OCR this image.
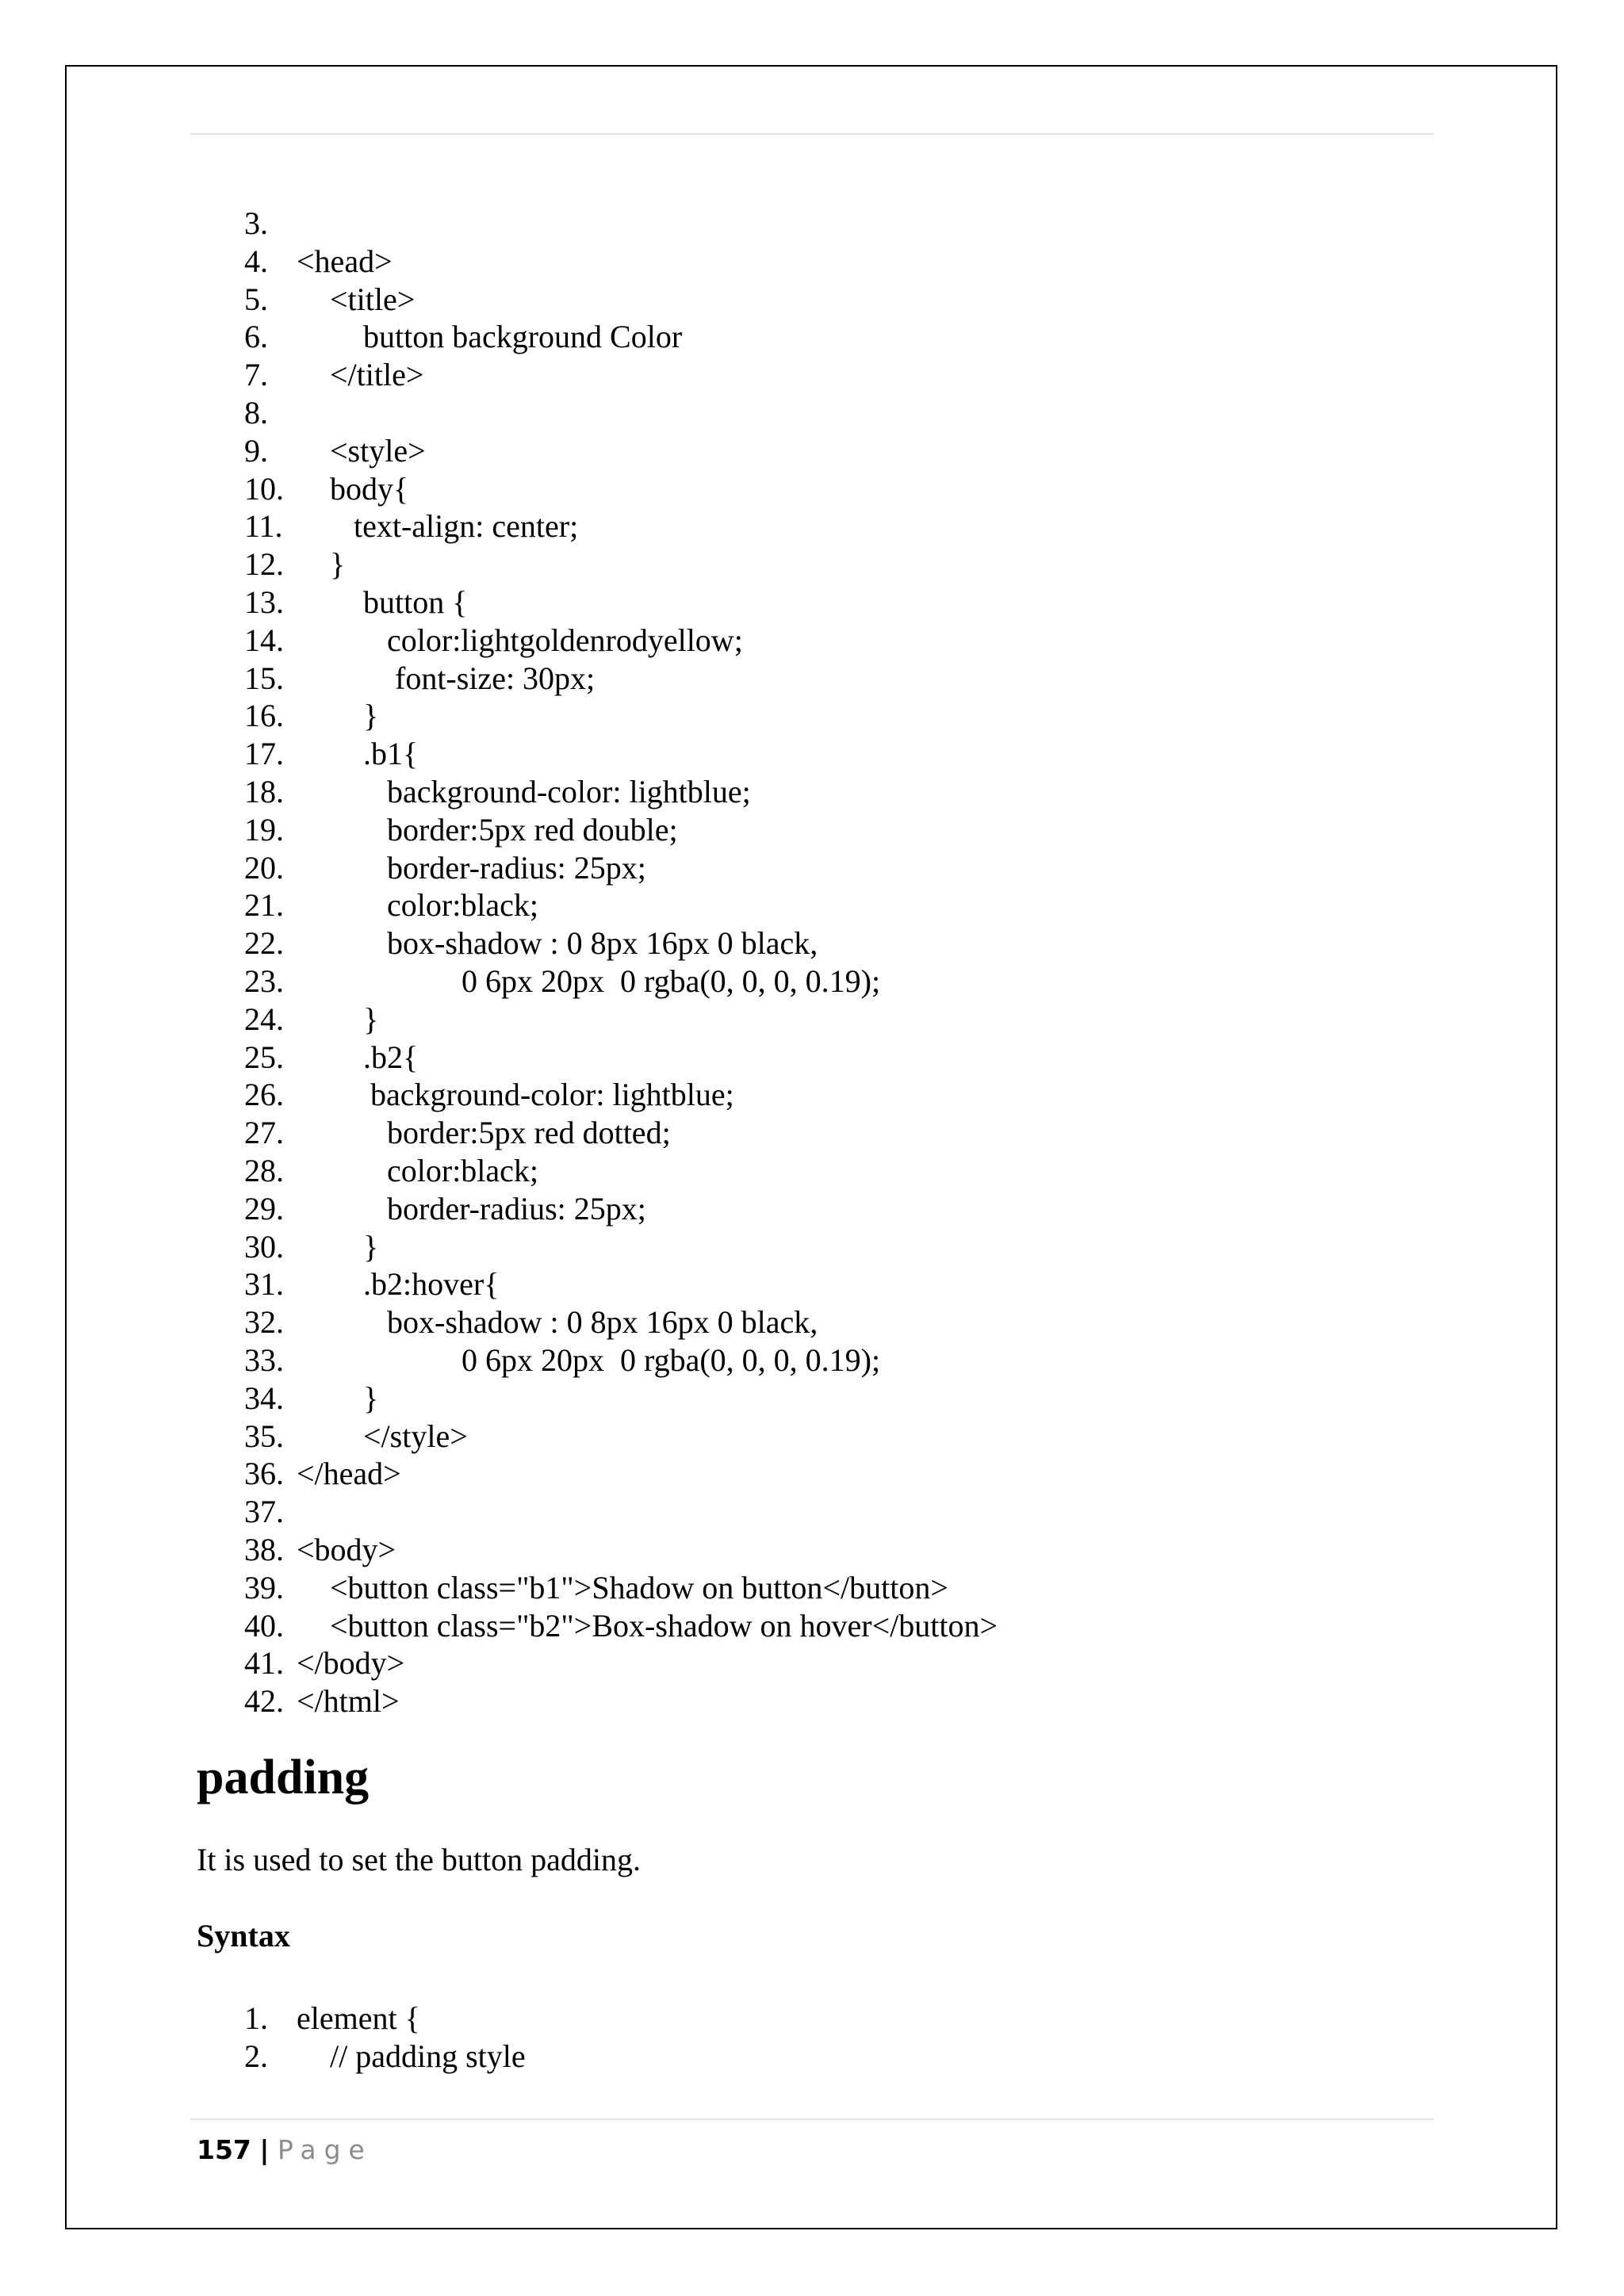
3.
4. <head>
5.	<title>
6.	button background Color
7.	</title>
8.
9.	<style>
10.	body{
11.	text-align: center;
12.	}
13.	button {
14.	color:lightgoldenrodyellow;
15.	font-size: 30px;
16.	}
17.	.b1{
18.	background-color: lightblue;
19.	border:5px red double;
20.	border-radius: 25px;
21.	color:black;
22.	box-shadow : 0 8px 16px 0 black,
23.	0 6px 20px  0 rgba(0, 0, 0, 0.19);
24.	}
25.	.b2{
26.	background-color: lightblue;
27.	border:5px red dotted;
28.	color:black;
29.	border-radius: 25px;
30.	}
31.	.b2:hover{
32.	box-shadow : 0 8px 16px 0 black,
33.	0 6px 20px  0 rgba(0, 0, 0, 0.19);
34.	}
35.	</style>
36. </head>
37.
38. <body>
39.	<button class="b1">Shadow on button</button>
40.	<button class="b2">Box-shadow on hover</button>
41. </body>
42. </html>
padding

It is used to set the button padding.

Syntax

1. element {
2.	// padding style
157 | Page
